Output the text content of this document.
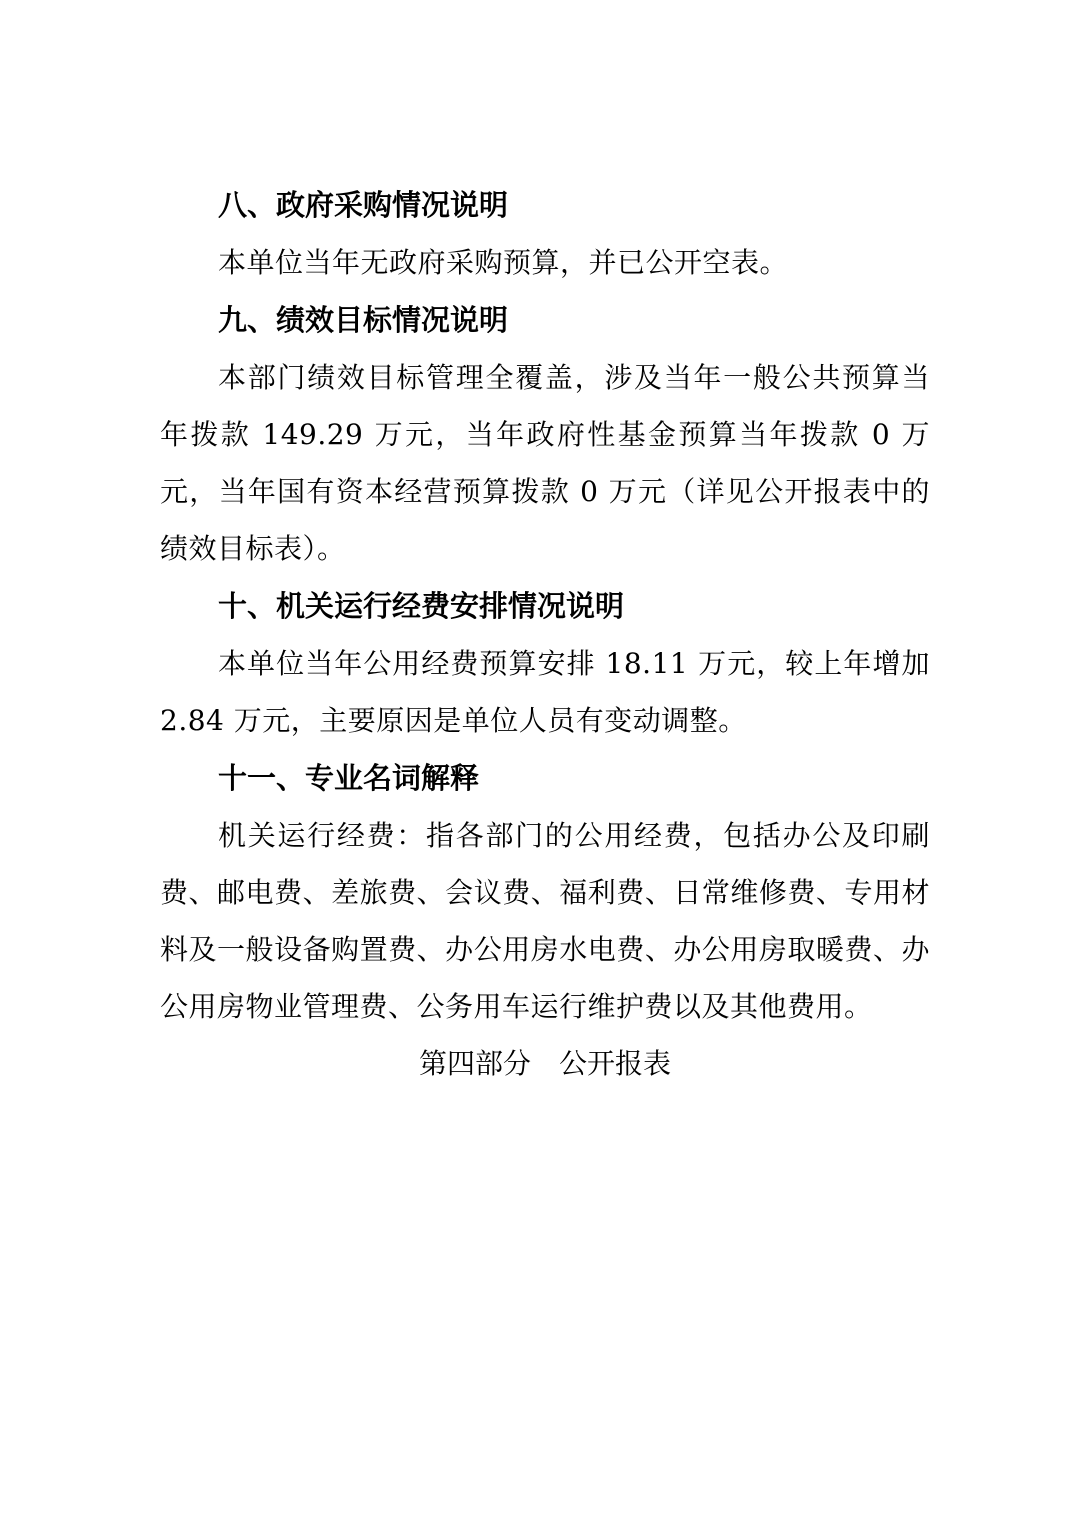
八、政府采购情况说明

本单位当年无政府采购预算，并已公开空表。

九、绩效目标情况说明

本部门绩效目标管理全覆盖，涉及当年一般公共预算当年拨款 149.29 万元，当年政府性基金预算当年拨款 0 万元，当年国有资本经营预算拨款 0 万元（详见公开报表中的绩效目标表）。

十、机关运行经费安排情况说明

本单位当年公用经费预算安排 18.11 万元，较上年增加 2.84 万元，主要原因是单位人员有变动调整。

十一、专业名词解释

机关运行经费：指各部门的公用经费，包括办公及印刷费、邮电费、差旅费、会议费、福利费、日常维修费、专用材料及一般设备购置费、办公用房水电费、办公用房取暖费、办公用房物业管理费、公务用车运行维护费以及其他费用。

第四部分　公开报表
